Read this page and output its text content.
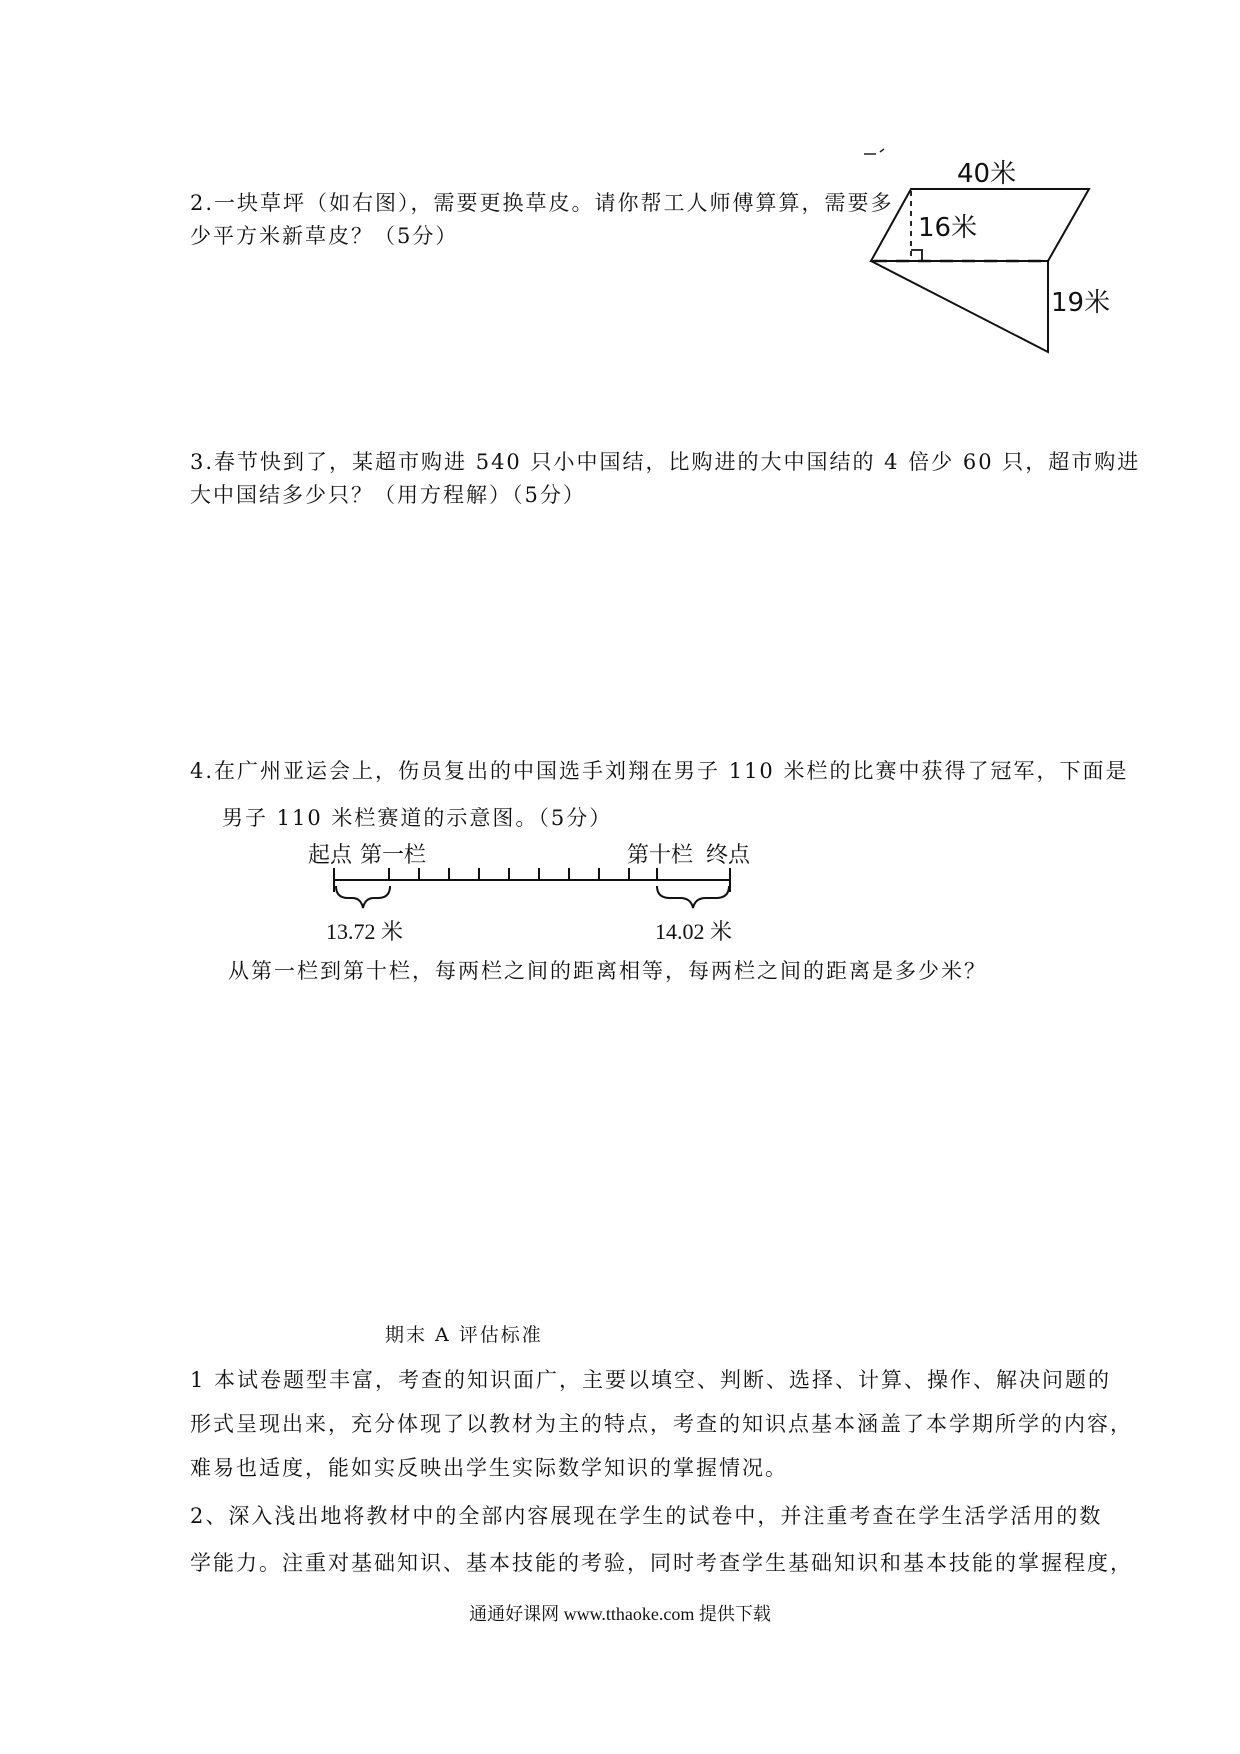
2.一块草坪（如右图），需要更换草皮。请你帮工人师傅算算，需要多
少平方米新草皮？（5分）
40米
16米
19米
3.春节快到了，某超市购进 540 只小中国结，比购进的大中国结的 4 倍少 60 只，超市购进
大中国结多少只？（用方程解）（5分）
4.在广州亚运会上，伤员复出的中国选手刘翔在男子 110 米栏的比赛中获得了冠军，下面是
男子 110 米栏赛道的示意图。（5分）
起点 第一栏	第十栏 终点
13.72 米	14.02 米
从第一栏到第十栏，每两栏之间的距离相等，每两栏之间的距离是多少米？
期末 A 评估标准
1 本试卷题型丰富，考查的知识面广，主要以填空、判断、选择、计算、操作、解决问题的
形式呈现出来，充分体现了以教材为主的特点，考查的知识点基本涵盖了本学期所学的内容，
难易也适度，能如实反映出学生实际数学知识的掌握情况。
2、深入浅出地将教材中的全部内容展现在学生的试卷中，并注重考查在学生活学活用的数
学能力。注重对基础知识、基本技能的考验，同时考查学生基础知识和基本技能的掌握程度，
通通好课网 www.tthaoke.com 提供下载
